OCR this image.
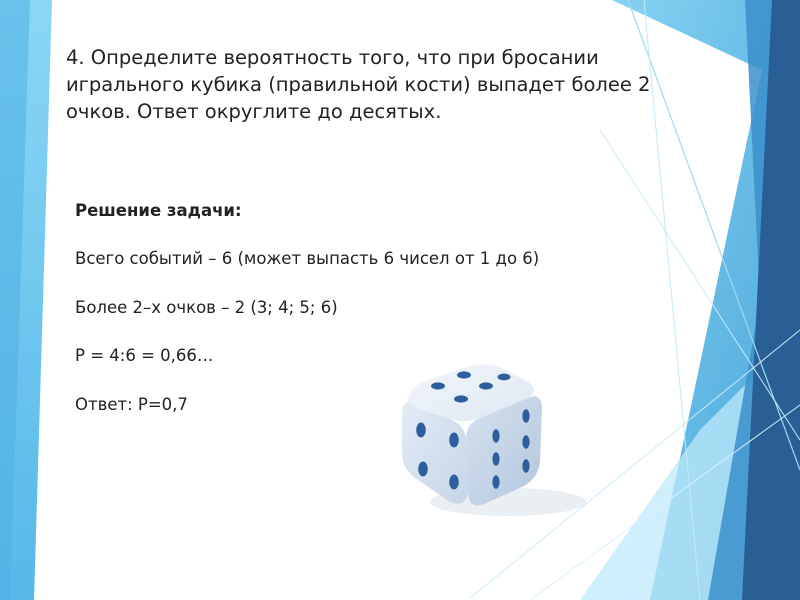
4. Определите вероятность того, что при бросании
игрального кубика (правильной кости) выпадет более 2
очков. Ответ округлите до десятых.
Решение задачи:
Всего событий – 6 (может выпасть 6 чисел от 1 до 6)
Более 2–х очков – 2 (3; 4; 5; 6)
Р = 4:6 = 0,66…
Ответ: Р=0,7
